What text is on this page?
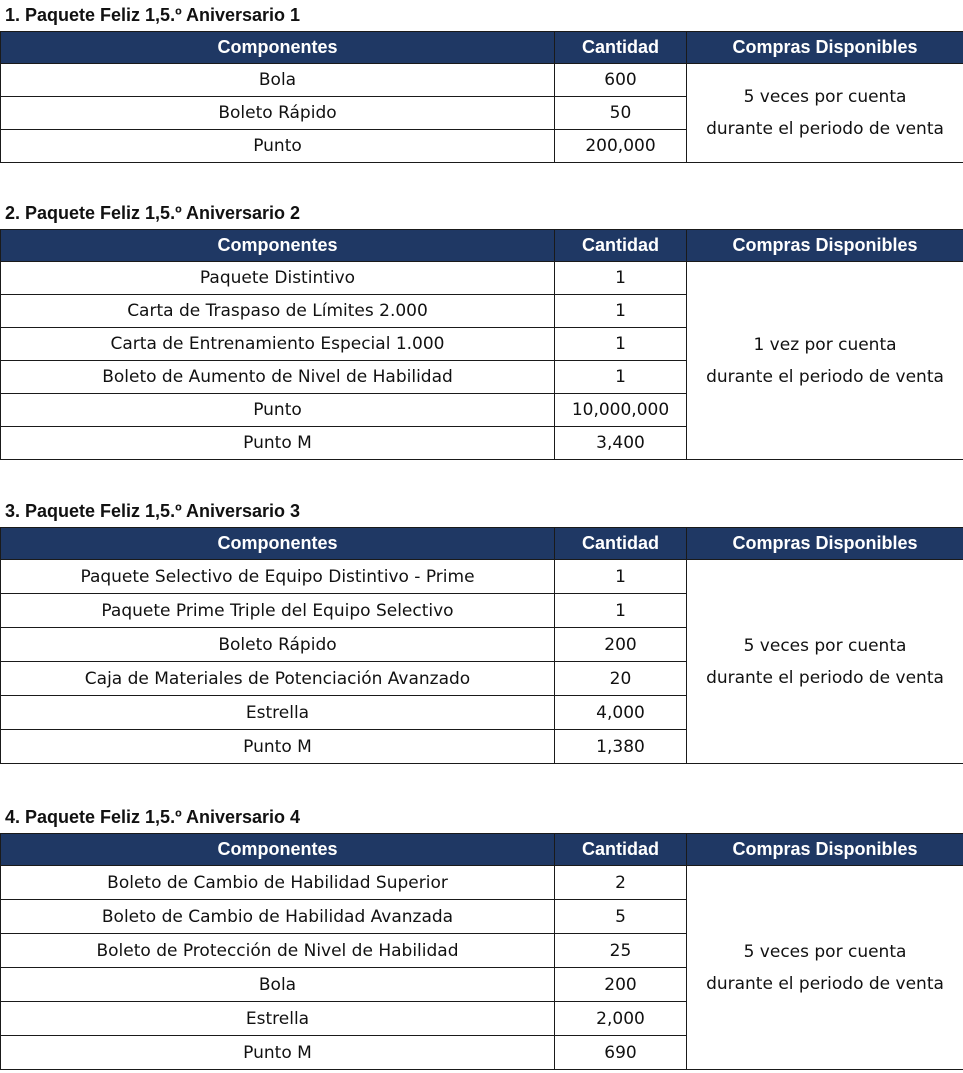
1. Paquete Feliz 1,5.º Aniversario 1
Componentes	Cantidad	Compras Disponibles
Bola	600	5 veces por cuenta
durante el periodo de venta

Boleto Rápido	50	
Punto	200,000	
2. Paquete Feliz 1,5.º Aniversario 2
Componentes	Cantidad	Compras Disponibles
Paquete Distintivo	1	1 vez por cuenta
durante el periodo de venta

Carta de Traspaso de Límites 2.000	1	
Carta de Entrenamiento Especial 1.000	1	
Boleto de Aumento de Nivel de Habilidad	1	
Punto	10,000,000	
Punto M	3,400	
3. Paquete Feliz 1,5.º Aniversario 3
Componentes	Cantidad	Compras Disponibles
Paquete Selectivo de Equipo Distintivo - Prime	1	5 veces por cuenta
durante el periodo de venta

Paquete Prime Triple del Equipo Selectivo	1	
Boleto Rápido	200	
Caja de Materiales de Potenciación Avanzado	20	
Estrella	4,000	
Punto M	1,380	
4. Paquete Feliz 1,5.º Aniversario 4
Componentes	Cantidad	Compras Disponibles
Boleto de Cambio de Habilidad Superior	2	5 veces por cuenta
durante el periodo de venta

Boleto de Cambio de Habilidad Avanzada	5	
Boleto de Protección de Nivel de Habilidad	25	
Bola	200	
Estrella	2,000	
Punto M	690	
